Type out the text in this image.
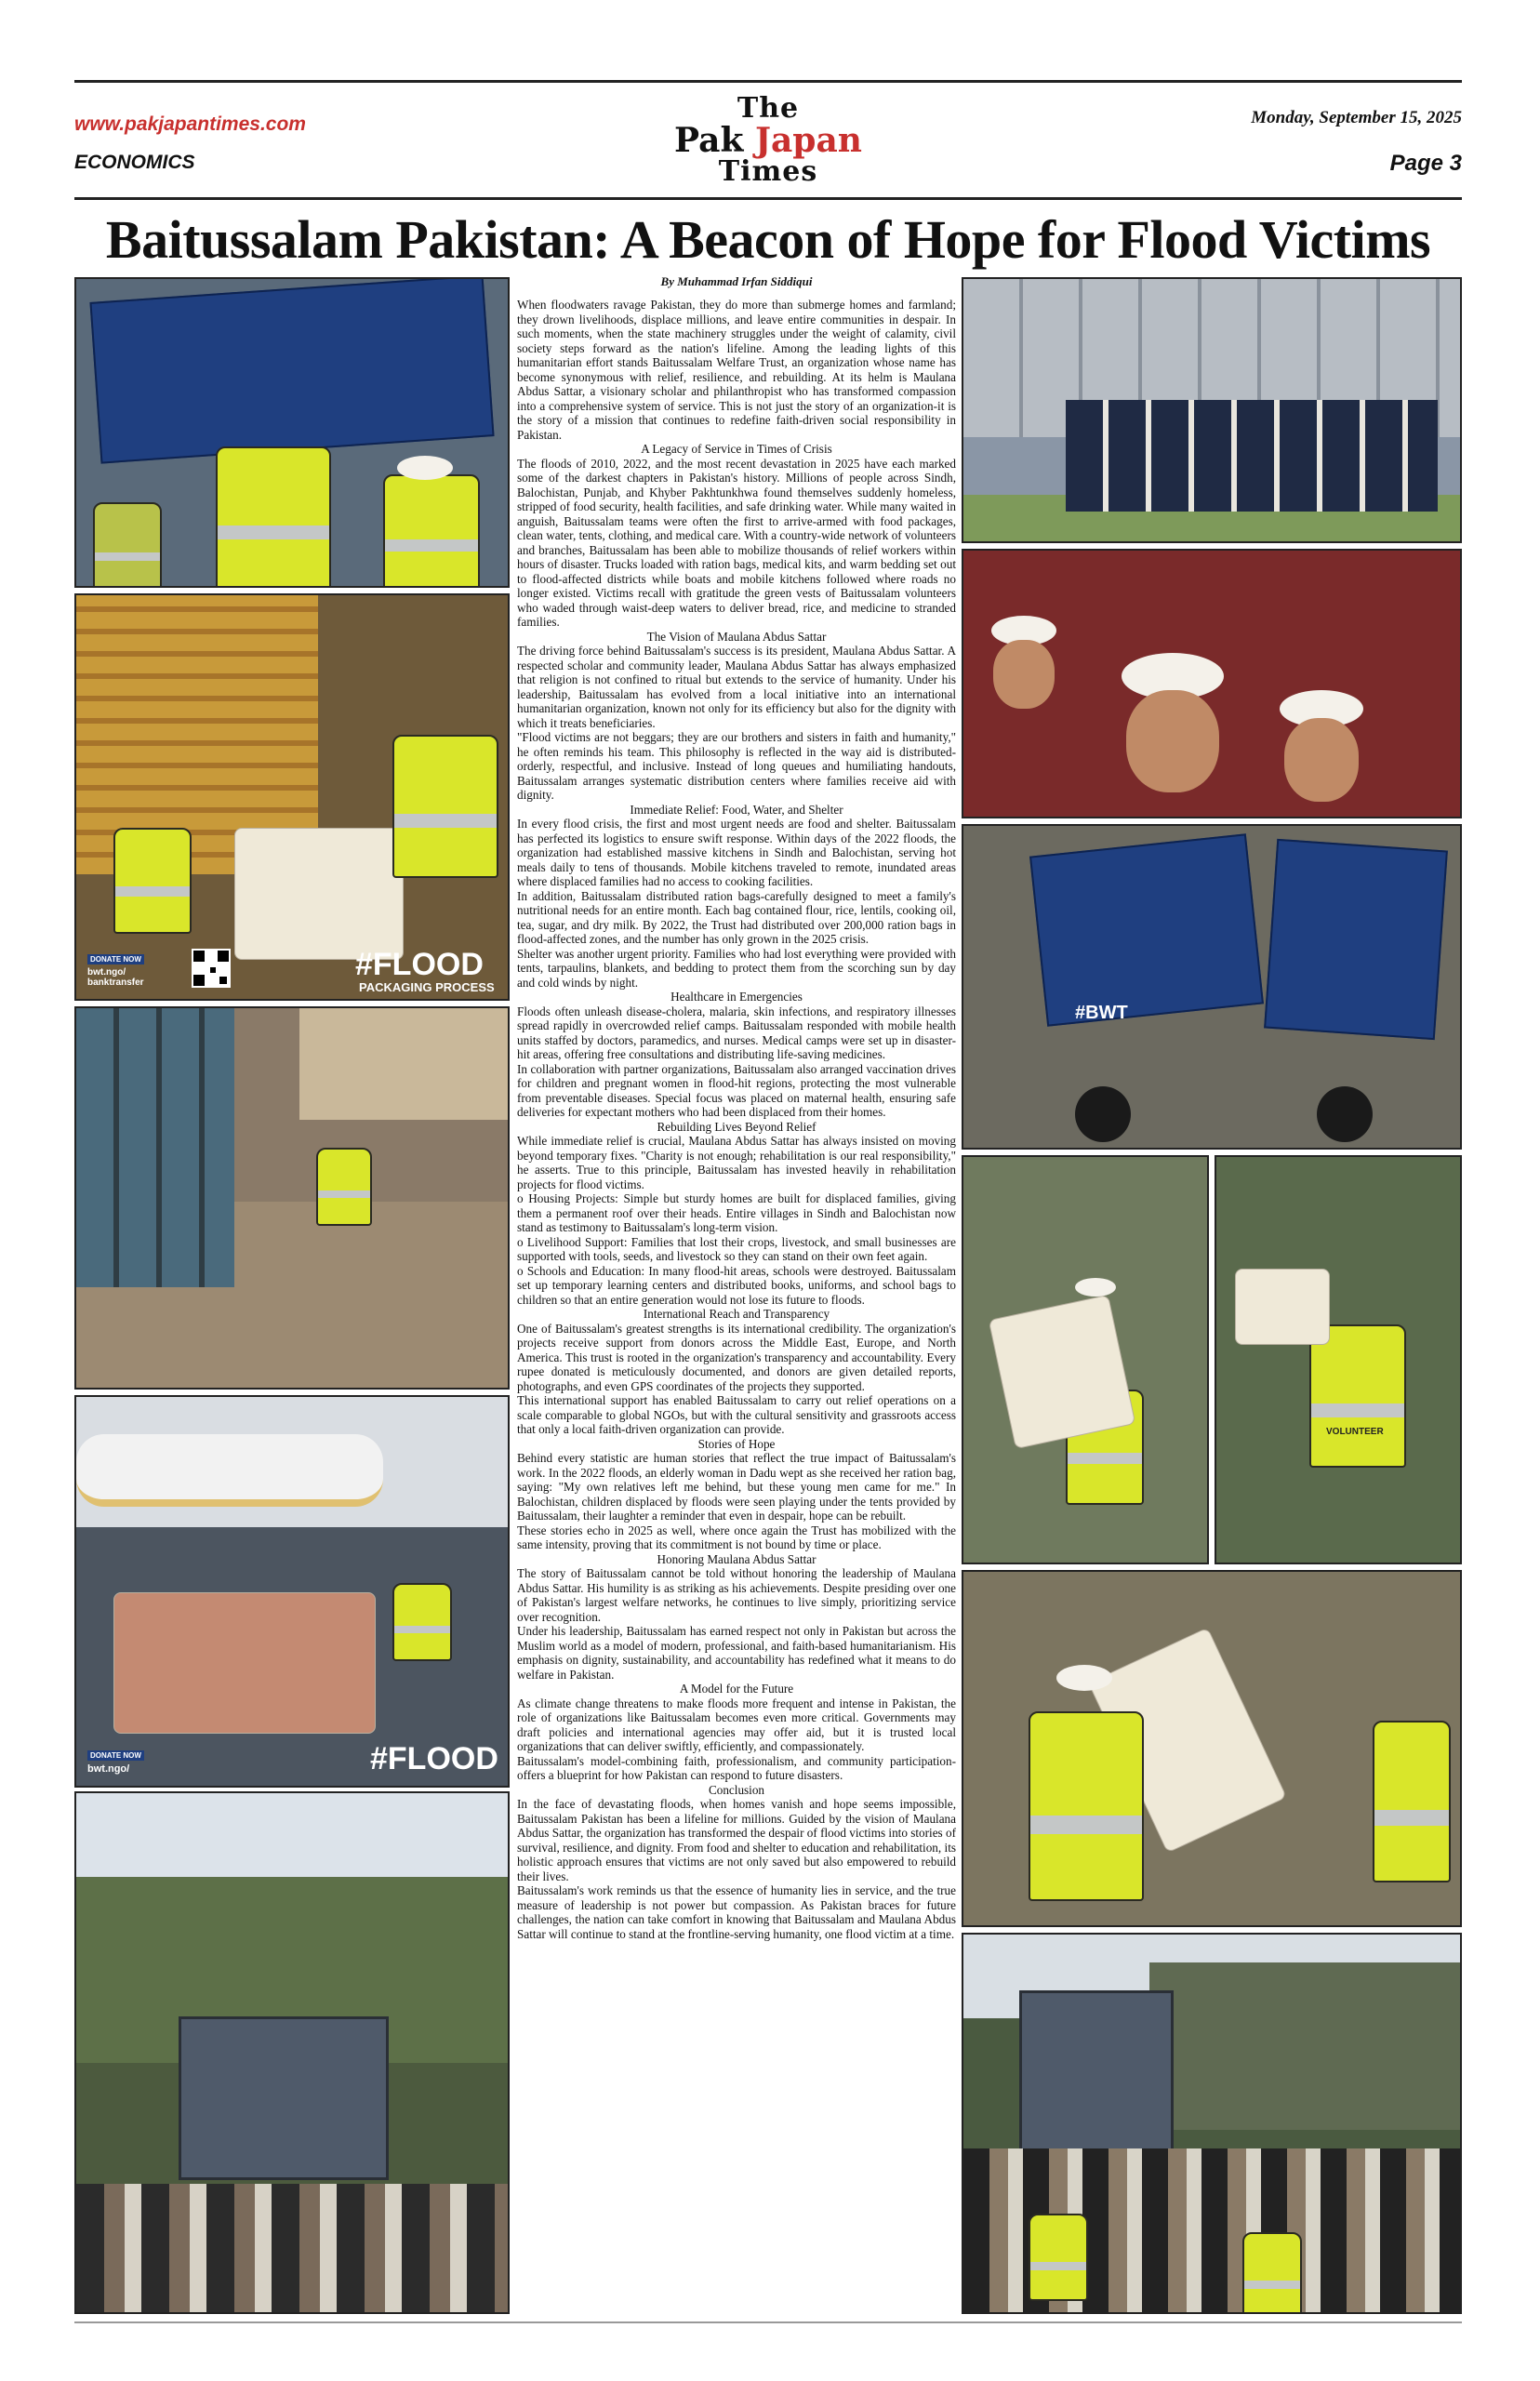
www.pakjapantimes.com
ECONOMICS
The
Pak Japan
Times
Monday, September 15, 2025
Page 3
Baitussalam Pakistan: A Beacon of Hope for Flood Victims
By Muhammad Irfan Siddiqui

When floodwaters ravage Pakistan, they do more than submerge homes and farmland; they drown livelihoods, displace millions, and leave entire communities in despair. In such moments, when the state machinery struggles under the weight of calamity, civil society steps forward as the nation's lifeline. Among the leading lights of this humanitarian effort stands Baitussalam Welfare Trust, an organization whose name has become synonymous with relief, resilience, and rebuilding. At its helm is Maulana Abdus Sattar, a visionary scholar and philanthropist who has transformed compassion into a comprehensive system of service. This is not just the story of an organization-it is the story of a mission that continues to redefine faith-driven social responsibility in Pakistan.

A Legacy of Service in Times of Crisis

The floods of 2010, 2022, and the most recent devastation in 2025 have each marked some of the darkest chapters in Pakistan's history. Millions of people across Sindh, Balochistan, Punjab, and Khyber Pakhtunkhwa found themselves suddenly homeless, stripped of food security, health facilities, and safe drinking water. While many waited in anguish, Baitussalam teams were often the first to arrive-armed with food packages, clean water, tents, clothing, and medical care. With a country-wide network of volunteers and branches, Baitussalam has been able to mobilize thousands of relief workers within hours of disaster. Trucks loaded with ration bags, medical kits, and warm bedding set out to flood-affected districts while boats and mobile kitchens followed where roads no longer existed. Victims recall with gratitude the green vests of Baitussalam volunteers who waded through waist-deep waters to deliver bread, rice, and medicine to stranded families.

The Vision of Maulana Abdus Sattar

The driving force behind Baitussalam's success is its president, Maulana Abdus Sattar. A respected scholar and community leader, Maulana Abdus Sattar has always emphasized that religion is not confined to ritual but extends to the service of humanity. Under his leadership, Baitussalam has evolved from a local initiative into an international humanitarian organization, known not only for its efficiency but also for the dignity with which it treats beneficiaries.

"Flood victims are not beggars; they are our brothers and sisters in faith and humanity," he often reminds his team. This philosophy is reflected in the way aid is distributed-orderly, respectful, and inclusive. Instead of long queues and humiliating handouts, Baitussalam arranges systematic distribution centers where families receive aid with dignity.

Immediate Relief: Food, Water, and Shelter

In every flood crisis, the first and most urgent needs are food and shelter. Baitussalam has perfected its logistics to ensure swift response. Within days of the 2022 floods, the organization had established massive kitchens in Sindh and Balochistan, serving hot meals daily to tens of thousands. Mobile kitchens traveled to remote, inundated areas where displaced families had no access to cooking facilities.

In addition, Baitussalam distributed ration bags-carefully designed to meet a family's nutritional needs for an entire month. Each bag contained flour, rice, lentils, cooking oil, tea, sugar, and dry milk. By 2022, the Trust had distributed over 200,000 ration bags in flood-affected zones, and the number has only grown in the 2025 crisis.

Shelter was another urgent priority. Families who had lost everything were provided with tents, tarpaulins, blankets, and bedding to protect them from the scorching sun by day and cold winds by night.

Healthcare in Emergencies

Floods often unleash disease-cholera, malaria, skin infections, and respiratory illnesses spread rapidly in overcrowded relief camps. Baitussalam responded with mobile health units staffed by doctors, paramedics, and nurses. Medical camps were set up in disaster-hit areas, offering free consultations and distributing life-saving medicines.

In collaboration with partner organizations, Baitussalam also arranged vaccination drives for children and pregnant women in flood-hit regions, protecting the most vulnerable from preventable diseases. Special focus was placed on maternal health, ensuring safe deliveries for expectant mothers who had been displaced from their homes.

Rebuilding Lives Beyond Relief

While immediate relief is crucial, Maulana Abdus Sattar has always insisted on moving beyond temporary fixes. "Charity is not enough; rehabilitation is our real responsibility," he asserts. True to this principle, Baitussalam has invested heavily in rehabilitation projects for flood victims.

o Housing Projects: Simple but sturdy homes are built for displaced families, giving them a permanent roof over their heads. Entire villages in Sindh and Balochistan now stand as testimony to Baitussalam's long-term vision.

o Livelihood Support: Families that lost their crops, livestock, and small businesses are supported with tools, seeds, and livestock so they can stand on their own feet again.

o Schools and Education: In many flood-hit areas, schools were destroyed. Baitussalam set up temporary learning centers and distributed books, uniforms, and school bags to children so that an entire generation would not lose its future to floods.

International Reach and Transparency

One of Baitussalam's greatest strengths is its international credibility. The organization's projects receive support from donors across the Middle East, Europe, and North America. This trust is rooted in the organization's transparency and accountability. Every rupee donated is meticulously documented, and donors are given detailed reports, photographs, and even GPS coordinates of the projects they supported.

This international support has enabled Baitussalam to carry out relief operations on a scale comparable to global NGOs, but with the cultural sensitivity and grassroots access that only a local faith-driven organization can provide.

Stories of Hope

Behind every statistic are human stories that reflect the true impact of Baitussalam's work. In the 2022 floods, an elderly woman in Dadu wept as she received her ration bag, saying: "My own relatives left me behind, but these young men came for me." In Balochistan, children displaced by floods were seen playing under the tents provided by Baitussalam, their laughter a reminder that even in despair, hope can be rebuilt.

These stories echo in 2025 as well, where once again the Trust has mobilized with the same intensity, proving that its commitment is not bound by time or place.

Honoring Maulana Abdus Sattar

The story of Baitussalam cannot be told without honoring the leadership of Maulana Abdus Sattar. His humility is as striking as his achievements. Despite presiding over one of Pakistan's largest welfare networks, he continues to live simply, prioritizing service over recognition.

Under his leadership, Baitussalam has earned respect not only in Pakistan but across the Muslim world as a model of modern, professional, and faith-based humanitarianism. His emphasis on dignity, sustainability, and accountability has redefined what it means to do welfare in Pakistan.

A Model for the Future

As climate change threatens to make floods more frequent and intense in Pakistan, the role of organizations like Baitussalam becomes even more critical. Governments may draft policies and international agencies may offer aid, but it is trusted local organizations that can deliver swiftly, efficiently, and compassionately.

Baitussalam's model-combining faith, professionalism, and community participation-offers a blueprint for how Pakistan can respond to future disasters.

Conclusion

In the face of devastating floods, when homes vanish and hope seems impossible, Baitussalam Pakistan has been a lifeline for millions. Guided by the vision of Maulana Abdus Sattar, the organization has transformed the despair of flood victims into stories of survival, resilience, and dignity. From food and shelter to education and rehabilitation, its holistic approach ensures that victims are not only saved but also empowered to rebuild their lives.

Baitussalam's work reminds us that the essence of humanity lies in service, and the true measure of leadership is not power but compassion. As Pakistan braces for future challenges, the nation can take comfort in knowing that Baitussalam and Maulana Abdus Sattar will continue to stand at the frontline-serving humanity, one flood victim at a time.

#FLOOD
PACKAGING PROCESS
DONATE NOW
bwt.ngo/ banktransfer
#FLOOD
DONATE NOW
bwt.ngo/
#BWT
VOLUNTEER
